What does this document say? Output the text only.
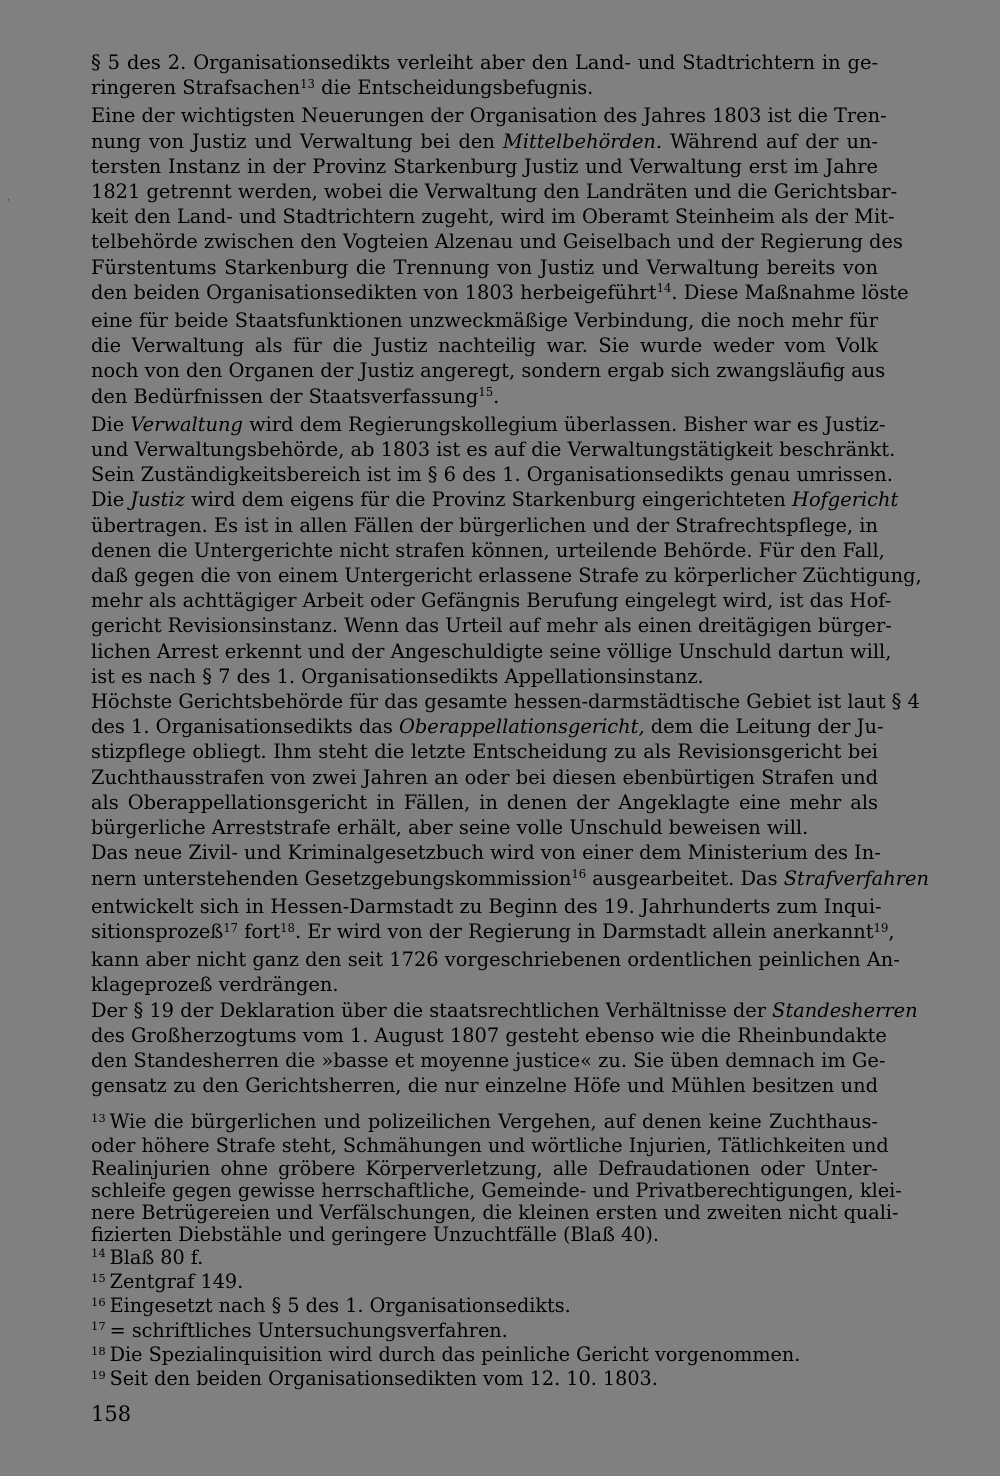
·
§ 5 des 2. Organisationsedikts verleiht aber den Land- und Stadtrichtern in ge-
ringeren Strafsachen$^{13}$ die Entscheidungsbefugnis.
Eine der wichtigsten Neuerungen der Organisation des Jahres 1803 ist die Tren-
nung von Justiz und Verwaltung bei den Mittelbehörden. Während auf der un-
tersten Instanz in der Provinz Starkenburg Justiz und Verwaltung erst im Jahre
1821 getrennt werden, wobei die Verwaltung den Landräten und die Gerichtsbar-
keit den Land- und Stadtrichtern zugeht, wird im Oberamt Steinheim als der Mit-
telbehörde zwischen den Vogteien Alzenau und Geiselbach und der Regierung des
Fürstentums Starkenburg die Trennung von Justiz und Verwaltung bereits von
den beiden Organisationsedikten von 1803 herbeigeführt$^{14}$. Diese Maßnahme löste
eine für beide Staatsfunktionen unzweckmäßige Verbindung, die noch mehr für
die Verwaltung als für die Justiz nachteilig war. Sie wurde weder vom Volk
noch von den Organen der Justiz angeregt, sondern ergab sich zwangsläufig aus
den Bedürfnissen der Staatsverfassung$^{15}$.
Die Verwaltung wird dem Regierungskollegium überlassen. Bisher war es Justiz-
und Verwaltungsbehörde, ab 1803 ist es auf die Verwaltungstätigkeit beschränkt.
Sein Zuständigkeitsbereich ist im § 6 des 1. Organisationsedikts genau umrissen.
Die Justiz wird dem eigens für die Provinz Starkenburg eingerichteten Hofgericht
übertragen. Es ist in allen Fällen der bürgerlichen und der Strafrechtspflege, in
denen die Untergerichte nicht strafen können, urteilende Behörde. Für den Fall,
daß gegen die von einem Untergericht erlassene Strafe zu körperlicher Züchtigung,
mehr als achttägiger Arbeit oder Gefängnis Berufung eingelegt wird, ist das Hof-
gericht Revisionsinstanz. Wenn das Urteil auf mehr als einen dreitägigen bürger-
lichen Arrest erkennt und der Angeschuldigte seine völlige Unschuld dartun will,
ist es nach § 7 des 1. Organisationsedikts Appellationsinstanz.
Höchste Gerichtsbehörde für das gesamte hessen-darmstädtische Gebiet ist laut § 4
des 1. Organisationsedikts das Oberappellationsgericht, dem die Leitung der Ju-
stizpflege obliegt. Ihm steht die letzte Entscheidung zu als Revisionsgericht bei
Zuchthausstrafen von zwei Jahren an oder bei diesen ebenbürtigen Strafen und
als Oberappellationsgericht in Fällen, in denen der Angeklagte eine mehr als
bürgerliche Arreststrafe erhält, aber seine volle Unschuld beweisen will.
Das neue Zivil- und Kriminalgesetzbuch wird von einer dem Ministerium des In-
nern unterstehenden Gesetzgebungskommission$^{16}$ ausgearbeitet. Das Strafverfahren
entwickelt sich in Hessen-Darmstadt zu Beginn des 19. Jahrhunderts zum Inqui-
sitionsprozeß$^{17}$ fort$^{18}$. Er wird von der Regierung in Darmstadt allein anerkannt$^{19}$,
kann aber nicht ganz den seit 1726 vorgeschriebenen ordentlichen peinlichen An-
klageprozeß verdrängen.
Der § 19 der Deklaration über die staatsrechtlichen Verhältnisse der Standesherren
des Großherzogtums vom 1. August 1807 gesteht ebenso wie die Rheinbundakte
den Standesherren die »basse et moyenne justice« zu. Sie üben demnach im Ge-
gensatz zu den Gerichtsherren, die nur einzelne Höfe und Mühlen besitzen und
$^{13}$ Wie die bürgerlichen und polizeilichen Vergehen, auf denen keine Zuchthaus-
oder höhere Strafe steht, Schmähungen und wörtliche Injurien, Tätlichkeiten und
Realinjurien ohne gröbere Körperverletzung, alle Defraudationen oder Unter-
schleife gegen gewisse herrschaftliche, Gemeinde- und Privatberechtigungen, klei-
nere Betrügereien und Verfälschungen, die kleinen ersten und zweiten nicht quali-
fizierten Diebstähle und geringere Unzuchtfälle (Blaß 40).
$^{14}$ Blaß 80 f.
$^{15}$ Zentgraf 149.
$^{16}$ Eingesetzt nach § 5 des 1. Organisationsedikts.
$^{17}$ = schriftliches Untersuchungsverfahren.
$^{18}$ Die Spezialinquisition wird durch das peinliche Gericht vorgenommen.
$^{19}$ Seit den beiden Organisationsedikten vom 12. 10. 1803.
158
